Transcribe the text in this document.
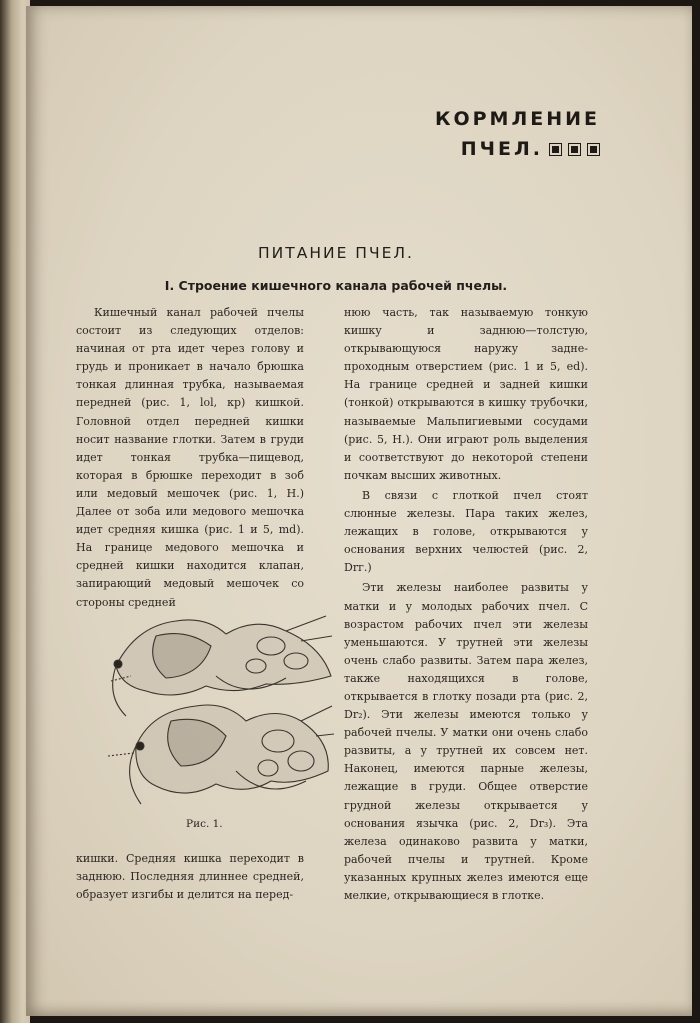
КОРМЛЕНИЕ
ПЧЕЛ.
ПИТАНИЕ ПЧЕЛ.
I. Строение кишечного канала рабочей пчелы.

Кишечный канал рабочей пчелы состоит из следующих отделов: начиная от рта идет через голову и грудь и проникает в начало брюшка тонкая длинная трубка, называемая передней (рис. 1, lol, кр) кишкой. Головной отдел передней кишки носит название глотки. Затем в груди идет тонкая трубка—пищевод, которая в брюшке переходит в зоб или медовый мешочек (рис. 1, Н.) Далее от зоба или медового мешочка идет средняя кишка (рис. 1 и 5, md). На границе медового мешочка и средней кишки находится клапан, запирающий медовый мешочек со стороны средней

Рис. 1.

кишки. Средняя кишка переходит в заднюю. Последняя длиннее средней, образует изгибы и делится на перед-

нюю часть, так называемую тонкую кишку и заднюю—толстую, открывающуюся наружу задне-проходным отверстием (рис. 1 и 5, ed). На границе средней и задней кишки (тонкой) открываются в кишку трубочки, называемые Мальпигиевыми сосудами (рис. 5, Н.). Они играют роль выделения и соответствуют до некоторой степени почкам высших животных.

В связи с глоткой пчел стоят слюнные железы. Пара таких желез, лежащих в голове, открываются у основания верхних челюстей (рис. 2, Drг.)

Эти железы наиболее развиты у матки и у молодых рабочих пчел. С возрастом рабочих пчел эти железы уменьшаются. У трутней эти железы очень слабо развиты. Затем пара желез, также находящихся в голове, открывается в глотку позади рта (рис. 2, Dr₂). Эти железы имеются только у рабочей пчелы. У матки они очень слабо развиты, а у трутней их совсем нет. Наконец, имеются парные железы, лежащие в груди. Общее отверстие грудной железы открывается у основания язычка (рис. 2, Dr₃). Эта железа одинаково развита у матки, рабочей пчелы и трутней. Кроме указанных крупных желез имеются еще мелкие, открывающиеся в глотке.
